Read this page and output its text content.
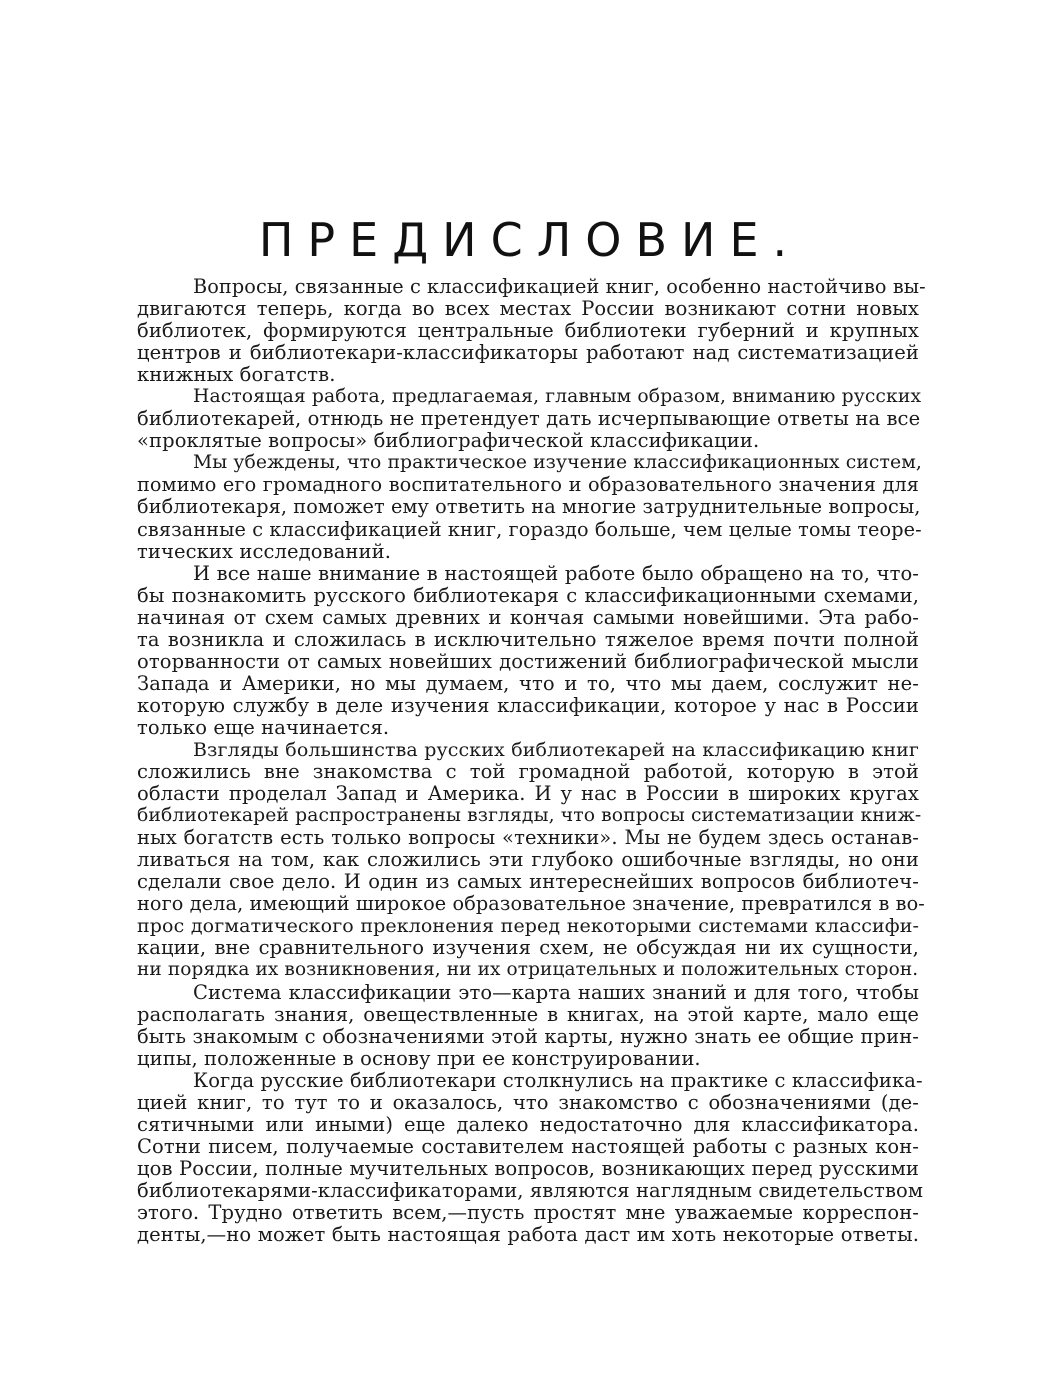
ПРЕДИСЛОВИЕ.
Вопросы, связанные с классификацией книг, особенно настойчиво вы-
двигаются теперь, когда во всех местах России возникают сотни новых
библиотек, формируются центральные библиотеки губерний и крупных
центров и библиотекари-классификаторы работают над систематизацией
книжных богатств.
Настоящая работа, предлагаемая, главным образом, вниманию русских
библиотекарей, отнюдь не претендует дать исчерпывающие ответы на все
«проклятые вопросы» библиографической классификации.
Мы убеждены, что практическое изучение классификационных систем,
помимо его громадного воспитательного и образовательного значения для
библиотекаря, поможет ему ответить на многие затруднительные вопросы,
связанные с классификацией книг, гораздо больше, чем целые томы теоре-
тических исследований.
И все наше внимание в настоящей работе было обращено на то, что-
бы познакомить русского библиотекаря с классификационными схемами,
начиная от схем самых древних и кончая самыми новейшими. Эта рабо-
та возникла и сложилась в исключительно тяжелое время почти полной
оторванности от самых новейших достижений библиографической мысли
Запада и Америки, но мы думаем, что и то, что мы даем, сослужит не-
которую службу в деле изучения классификации, которое у нас в России
только еще начинается.
Взгляды большинства русских библиотекарей на классификацию книг
сложились вне знакомства с той громадной работой, которую в этой
области проделал Запад и Америка. И у нас в России в широких кругах
библиотекарей распространены взгляды, что вопросы систематизации книж-
ных богатств есть только вопросы «техники». Мы не будем здесь останав-
ливаться на том, как сложились эти глубоко ошибочные взгляды, но они
сделали свое дело. И один из самых интереснейших вопросов библиотеч-
ного дела, имеющий широкое образовательное значение, превратился в во-
прос догматического преклонения перед некоторыми системами классифи-
кации, вне сравнительного изучения схем, не обсуждая ни их сущности,
ни порядка их возникновения, ни их отрицательных и положительных сторон.
Система классификации это—карта наших знаний и для того, чтобы
располагать знания, овеществленные в книгах, на этой карте, мало еще
быть знакомым с обозначениями этой карты, нужно знать ее общие прин-
ципы, положенные в основу при ее конструировании.
Когда русские библиотекари столкнулись на практике с классифика-
цией книг, то тут то и оказалось, что знакомство с обозначениями (де-
сятичными или иными) еще далеко недостаточно для классификатора.
Сотни писем, получаемые составителем настоящей работы с разных кон-
цов России, полные мучительных вопросов, возникающих перед русскими
библиотекарями-классификаторами, являются наглядным свидетельством
этого. Трудно ответить всем,—пусть простят мне уважаемые корреспон-
денты,—но может быть настоящая работа даст им хоть некоторые ответы.
